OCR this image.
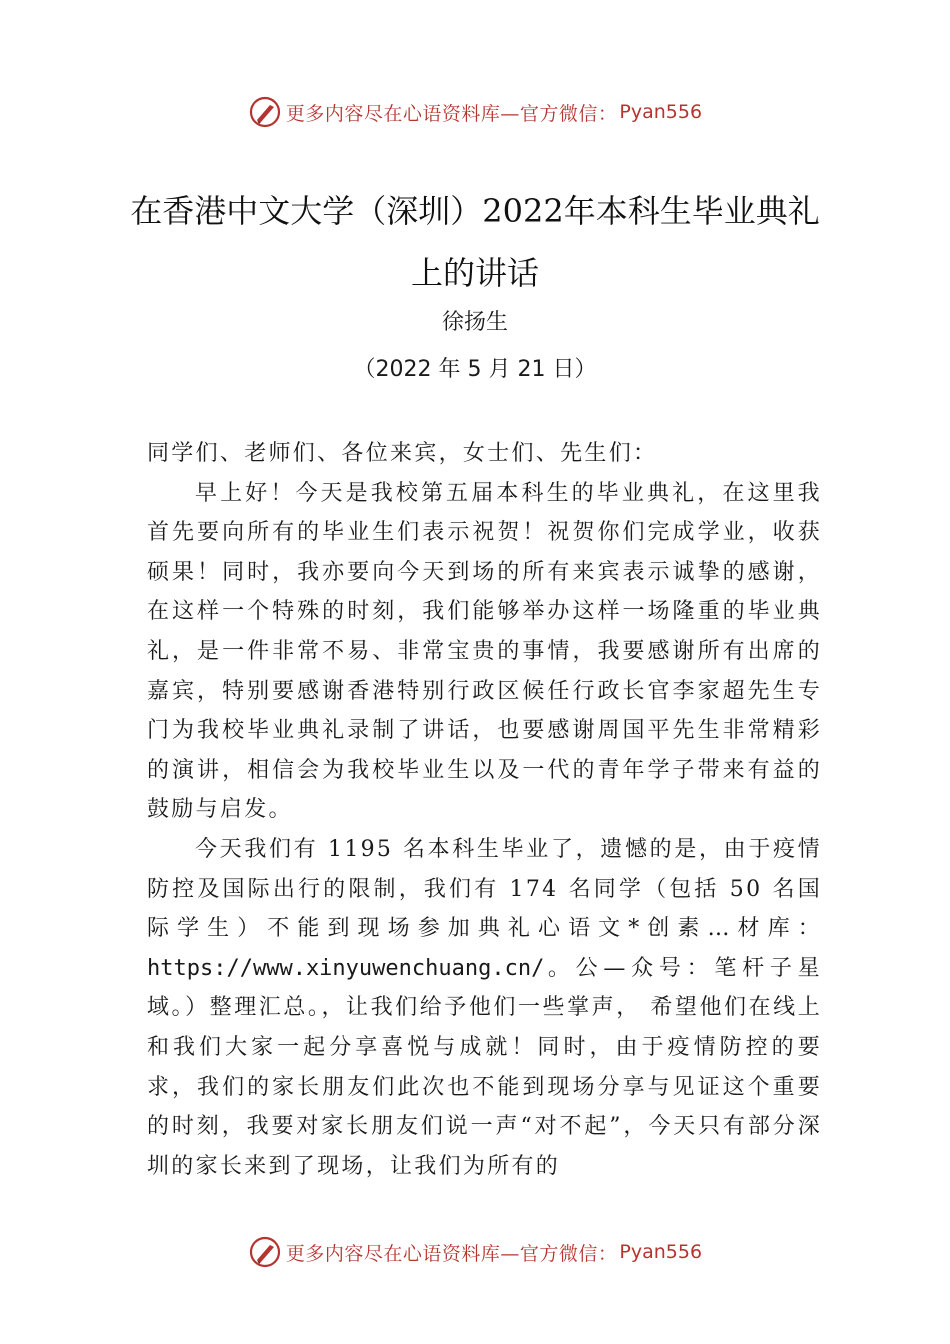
更多内容尽在心语资料库—官方微信： Pyan556
在香港中文大学（深圳）2022年本科生毕业典礼上的讲话
徐扬生
（2022 年 5 月 21 日）

同学们、老师们、各位来宾，女士们、先生们：

早上好！今天是我校第五届本科生的毕业典礼，在这里我首先要向所有的毕业生们表示祝贺！祝贺你们完成学业，收获硕果！同时，我亦要向今天到场的所有来宾表示诚挚的感谢，在这样一个特殊的时刻，我们能够举办这样一场隆重的毕业典礼，是一件非常不易、非常宝贵的事情，我要感谢所有出席的嘉宾，特别要感谢香港特别行政区候任行政长官李家超先生专门为我校毕业典礼录制了讲话，也要感谢周国平先生非常精彩的演讲，相信会为我校毕业生以及一代的青年学子带来有益的鼓励与启发。

今天我们有 1195 名本科生毕业了，遗憾的是，由于疫情防控及国际出行的限制，我们有 174 名同学（包括 50 名国际学生）不能到现场参加典礼心语文*创素…材库：https://www.xinyuwenchuang.cn/。公—众号：笔杆子星域。）整理汇总。，让我们给予他们一些掌声， 希望他们在线上和我们大家一起分享喜悦与成就！同时，由于疫情防控的要求，我们的家长朋友们此次也不能到现场分享与见证这个重要的时刻，我要对家长朋友们说一声“对不起”，今天只有部分深圳的家长来到了现场，让我们为所有的

更多内容尽在心语资料库—官方微信： Pyan556
